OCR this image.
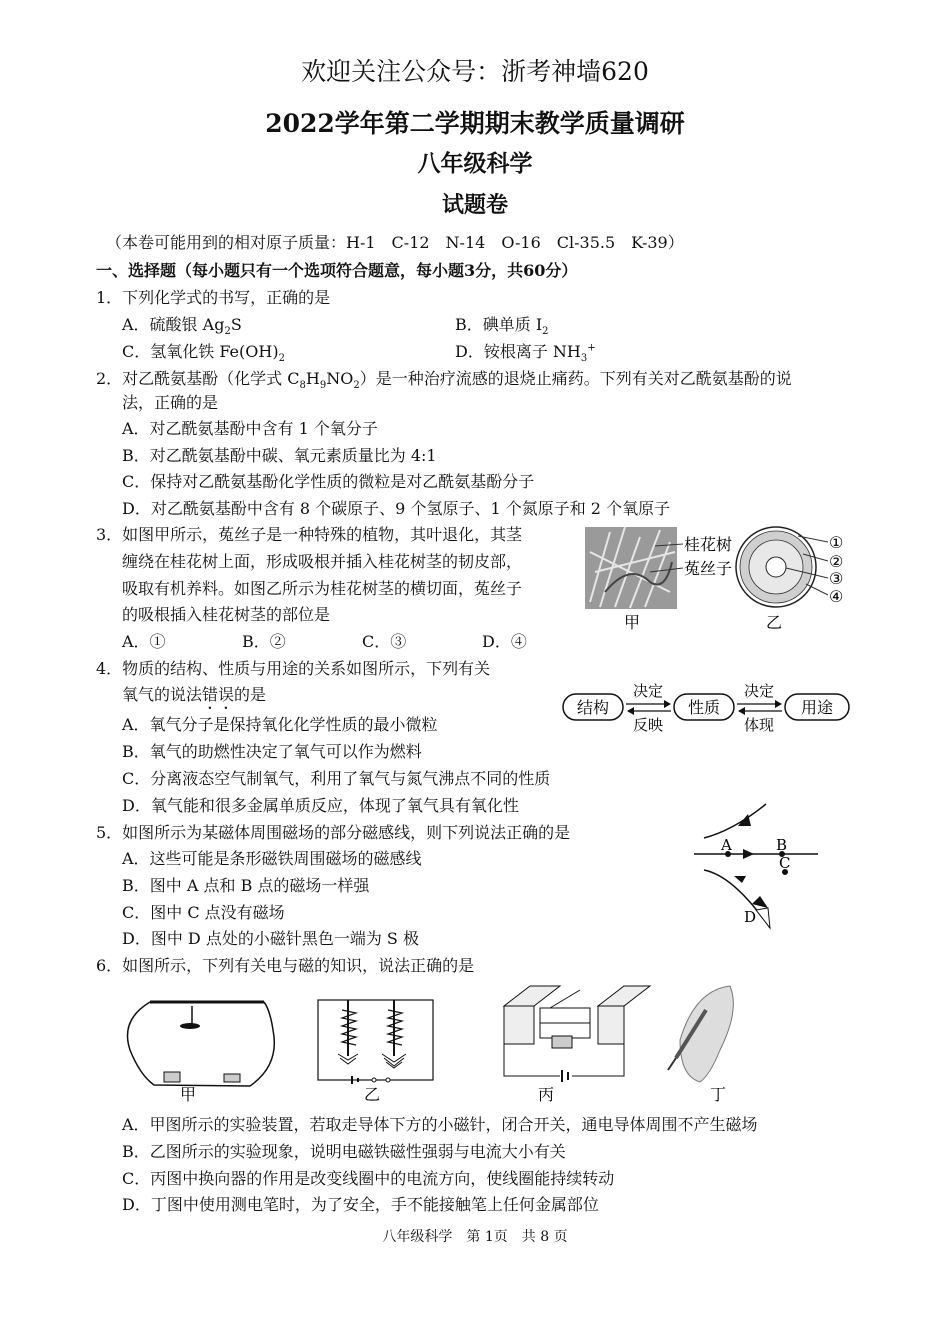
欢迎关注公众号：浙考神墙620
2022学年第二学期期末教学质量调研
八年级科学
试题卷
（本卷可能用到的相对原子质量：H-1　C-12　N-14　O-16　Cl-35.5　K-39）
一、选择题（每小题只有一个选项符合题意，每小题3分，共60分）
1．下列化学式的书写，正确的是
A．硫酸银 $Ag_2S$	B．碘单质 $I_2$
C．氢氧化铁 $Fe(OH)_2$	D．铵根离子 $NH_3^+$
2．对乙酰氨基酚（化学式 $C_8H_9NO_2$）是一种治疗流感的退烧止痛药。下列有关对乙酰氨基酚的说
法，正确的是
A．对乙酰氨基酚中含有 1 个氧分子
B．对乙酰氨基酚中碳、氧元素质量比为 4:1
C．保持对乙酰氨基酚化学性质的微粒是对乙酰氨基酚分子
D．对乙酰氨基酚中含有 8 个碳原子、9 个氢原子、1 个氮原子和 2 个氧原子
3．如图甲所示，菟丝子是一种特殊的植物，其叶退化，其茎
缠绕在桂花树上面，形成吸根并插入桂花树茎的韧皮部，
吸取有机养料。如图乙所示为桂花树茎的横切面，菟丝子
的吸根插入桂花树茎的部位是
A．①	B．②	C．③	D．④
桂花树
菟丝子
甲
①
②
③
④
乙
4．物质的结构、性质与用途的关系如图所示，下列有关
氧气的说法错误的是
A．氧气分子是保持氧化化学性质的最小微粒
B．氧气的助燃性决定了氧气可以作为燃料
C．分离液态空气制氧气，利用了氧气与氮气沸点不同的性质
D．氧气能和很多金属单质反应，体现了氧气具有氧化性
结构	性质	用途
决定
反映
决定
体现
5．如图所示为某磁体周围磁场的部分磁感线，则下列说法正确的是
A．这些可能是条形磁铁周围磁场的磁感线
B．图中 A 点和 B 点的磁场一样强
C．图中 C 点没有磁场
D．图中 D 点处的小磁针黑色一端为 S 极
A	B
C
D
6．如图所示，下列有关电与磁的知识，说法正确的是
甲	乙	丙	丁
A．甲图所示的实验装置，若取走导体下方的小磁针，闭合开关，通电导体周围不产生磁场
B．乙图所示的实验现象，说明电磁铁磁性强弱与电流大小有关
C．丙图中换向器的作用是改变线圈中的电流方向，使线圈能持续转动
D．丁图中使用测电笔时，为了安全，手不能接触笔上任何金属部位
八年级科学　第 1页　共 8 页
